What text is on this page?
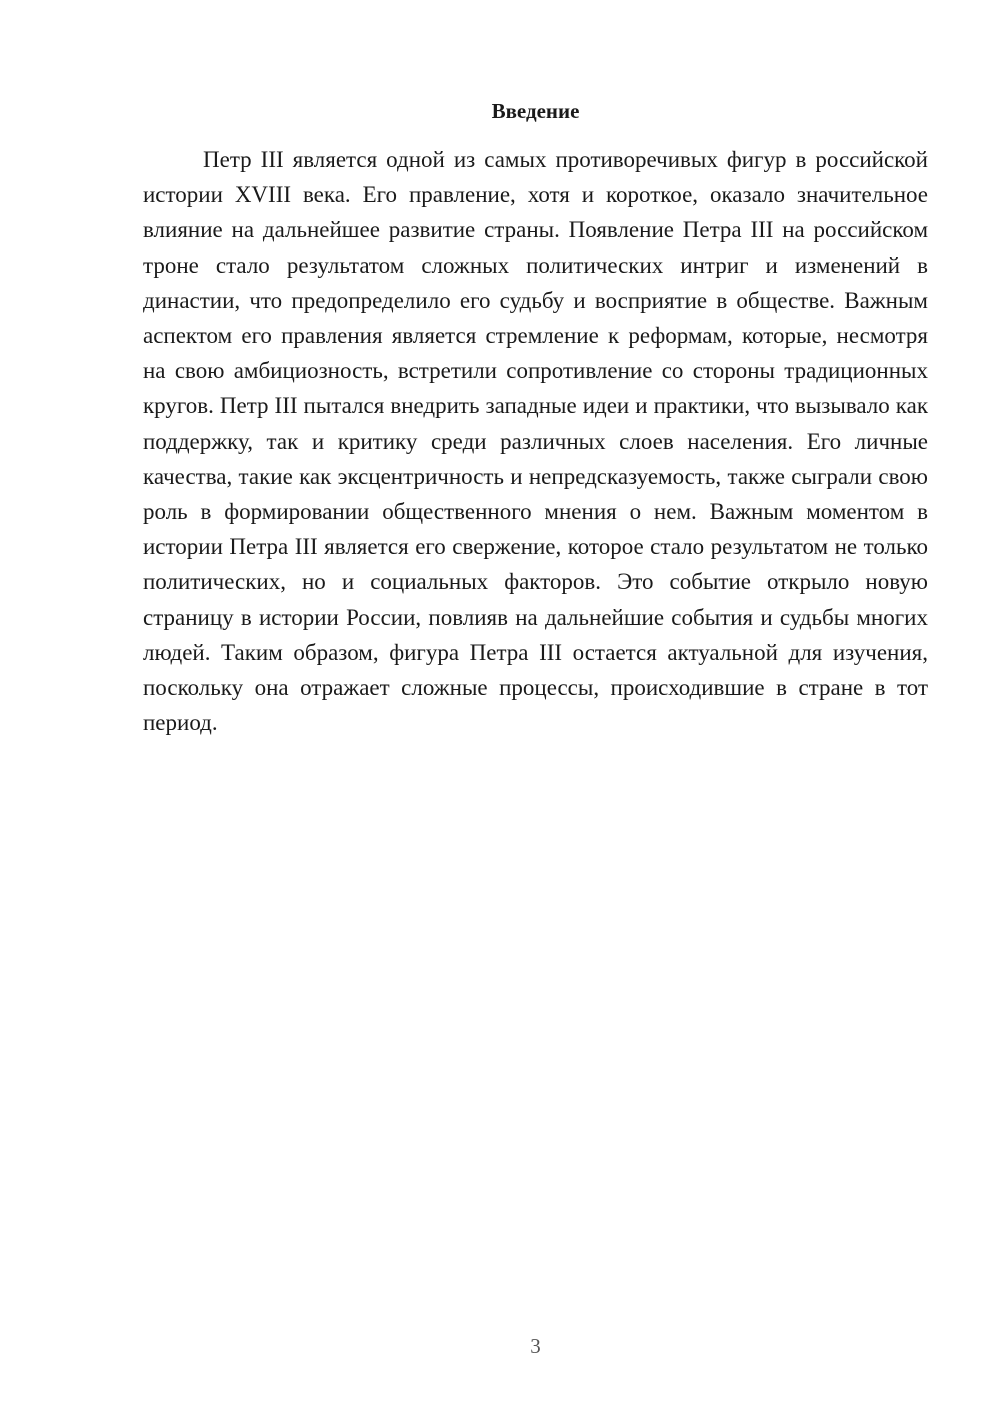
Введение

Петр III является одной из самых противоречивых фигур в российской истории XVIII века. Его правление, хотя и короткое, оказало значительное влияние на дальнейшее развитие страны. Появление Петра III на российском троне стало результатом сложных политических интриг и изменений в династии, что предопределило его судьбу и восприятие в обществе. Важным аспектом его правления является стремление к реформам, которые, несмотря на свою амбициозность, встретили сопротивление со стороны традиционных кругов. Петр III пытался внедрить западные идеи и практики, что вызывало как поддержку, так и критику среди различных слоев населения. Его личные качества, такие как эксцентричность и непредсказуемость, также сыграли свою роль в формировании общественного мнения о нем. Важным моментом в истории Петра III является его свержение, которое стало результатом не только политических, но и социальных факторов. Это событие открыло новую страницу в истории России, повлияв на дальнейшие события и судьбы многих людей. Таким образом, фигура Петра III остается актуальной для изучения, поскольку она отражает сложные процессы, происходившие в стране в тот период.

3
